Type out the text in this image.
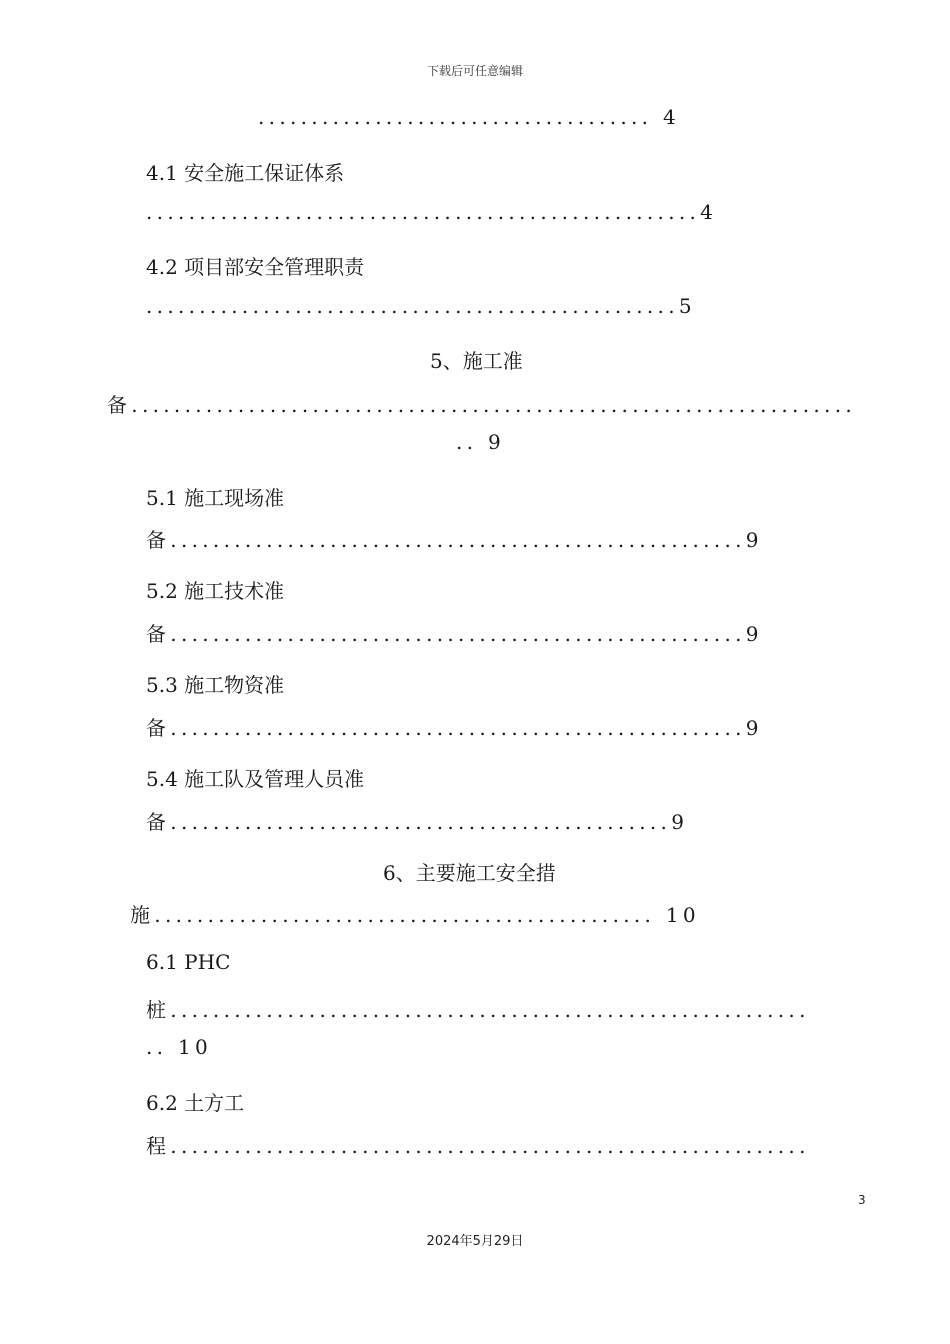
下载后可任意编辑
..................................... 4
4.1 安全施工保证体系
....................................................4
4.2 项目部安全管理职责
..................................................5
5、施工准
备....................................................................
.. 9
5.1 施工现场准
备......................................................9
5.2 施工技术准
备......................................................9
5.3 施工物资准
备......................................................9
5.4 施工队及管理人员准
备...............................................9
6、主要施工安全措
施............................................... 10
6.1 PHC
桩............................................................
.. 10
6.2 土方工
程............................................................
3
2024年5月29日
